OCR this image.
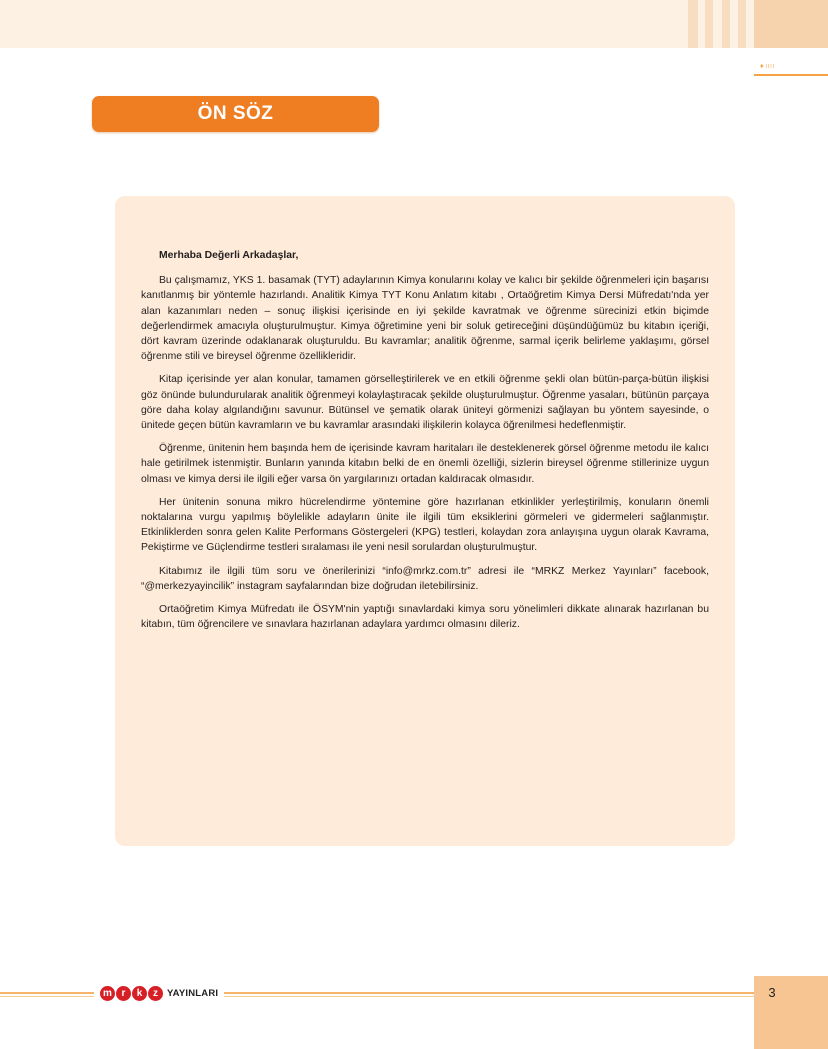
♦ IIII
ÖN SÖZ

Merhaba Değerli Arkadaşlar,

Bu çalışmamız, YKS 1. basamak (TYT) adaylarının Kimya konularını kolay ve kalıcı bir şekilde öğrenmeleri için başarısı kanıtlanmış bir yöntemle hazırlandı. Analitik Kimya TYT Konu Anlatım kitabı , Ortaöğretim Kimya Dersi Müfredatı'nda yer alan kazanımları neden – sonuç ilişkisi içerisinde en iyi şekilde kavratmak ve öğrenme sürecinizi etkin biçimde değerlendirmek amacıyla oluşturulmuştur. Kimya öğretimine yeni bir soluk getireceğini düşündüğümüz bu kitabın içeriği, dört kavram üzerinde odaklanarak oluşturuldu. Bu kavramlar; analitik öğrenme, sarmal içerik belirleme yaklaşımı, görsel öğrenme stili ve bireysel öğrenme özellikleridir.

Kitap içerisinde yer alan konular, tamamen görselleştirilerek ve en etkili öğrenme şekli olan bütün-parça-bütün ilişkisi göz önünde bulundurularak analitik öğrenmeyi kolaylaştıracak şekilde oluşturulmuştur. Öğrenme yasaları, bütünün parçaya göre daha kolay algılandığını savunur. Bütünsel ve şematik olarak üniteyi görmenizi sağlayan bu yöntem sayesinde, o ünitede geçen bütün kavramların ve bu kavramlar arasındaki ilişkilerin kolayca öğrenilmesi hedeflenmiştir.

Öğrenme, ünitenin hem başında hem de içerisinde kavram haritaları ile desteklenerek görsel öğrenme metodu ile kalıcı hale getirilmek istenmiştir. Bunların yanında kitabın belki de en önemli özelliği, sizlerin bireysel öğrenme stillerinize uygun olması ve kimya dersi ile ilgili eğer varsa ön yargılarınızı ortadan kaldıracak olmasıdır.

Her ünitenin sonuna mikro hücrelendirme yöntemine göre hazırlanan etkinlikler yerleştirilmiş, konuların önemli noktalarına vurgu yapılmış böylelikle adayların ünite ile ilgili tüm eksiklerini görmeleri ve gidermeleri sağlanmıştır. Etkinliklerden sonra gelen Kalite Performans Göstergeleri (KPG) testleri, kolaydan zora anlayışına uygun olarak Kavrama, Pekiştirme ve Güçlendirme testleri sıralaması ile yeni nesil sorulardan oluşturulmuştur.

Kitabımız ile ilgili tüm soru ve önerilerinizi “info@mrkz.com.tr” adresi ile “MRKZ Merkez Yayınları” facebook, “@merkezyayincilik” instagram sayfalarından bize doğrudan iletebilirsiniz.

Ortaöğretim Kimya Müfredatı ile ÖSYM'nin yaptığı sınavlardaki kimya soru yönelimleri dikkate alınarak hazırlanan bu kitabın, tüm öğrencilere ve sınavlara hazırlanan adaylara yardımcı olmasını dileriz.

m r	k	z YAYINLARI	3
